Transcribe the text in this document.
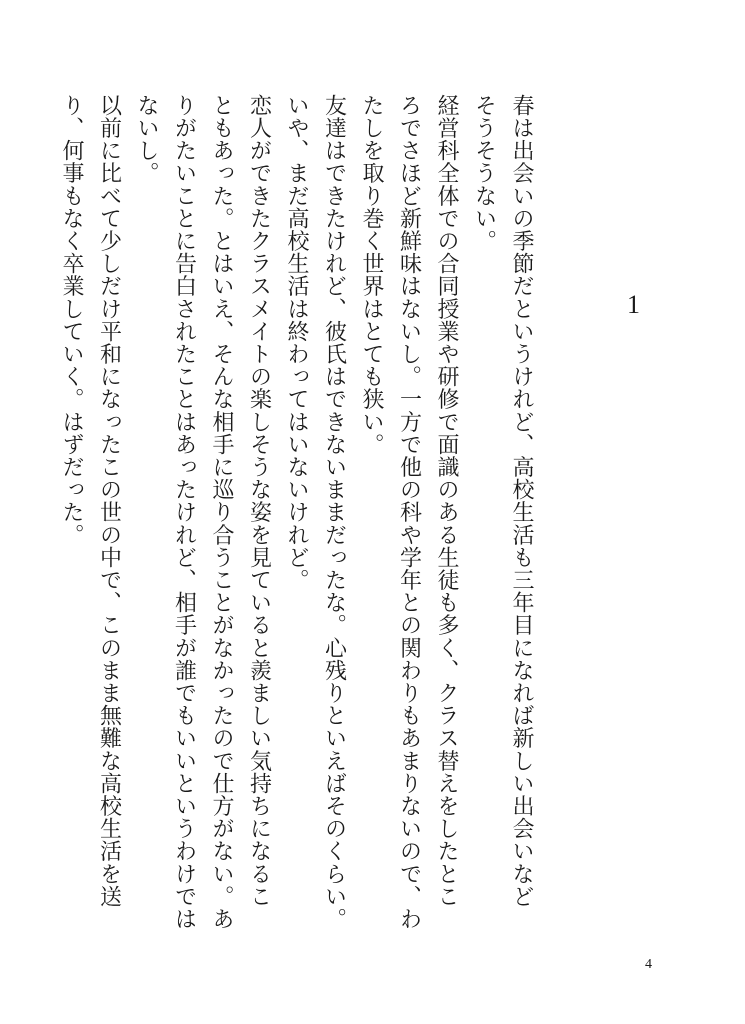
1
春は出会いの季節だというけれど、高校生活も三年目になれば新しい出会いなど
そうそうない。
経営科全体での合同授業や研修で面識のある生徒も多く、クラス替えをしたとこ
ろでさほど新鮮味はないし。一方で他の科や学年との関わりもあまりないので、わ
たしを取り巻く世界はとても狭い。
友達はできたけれど、彼氏はできないままだったな。心残りといえばそのくらい。
いや、まだ高校生活は終わってはいないけれど。
恋人ができたクラスメイトの楽しそうな姿を見ていると羨ましい気持ちになるこ
ともあった。とはいえ、そんな相手に巡り合うことがなかったので仕方がない。あ
りがたいことに告白されたことはあったけれど、相手が誰でもいいというわけでは
ないし。
以前に比べて少しだけ平和になったこの世の中で、このまま無難な高校生活を送
り、何事もなく卒業していく。はずだった。
4
